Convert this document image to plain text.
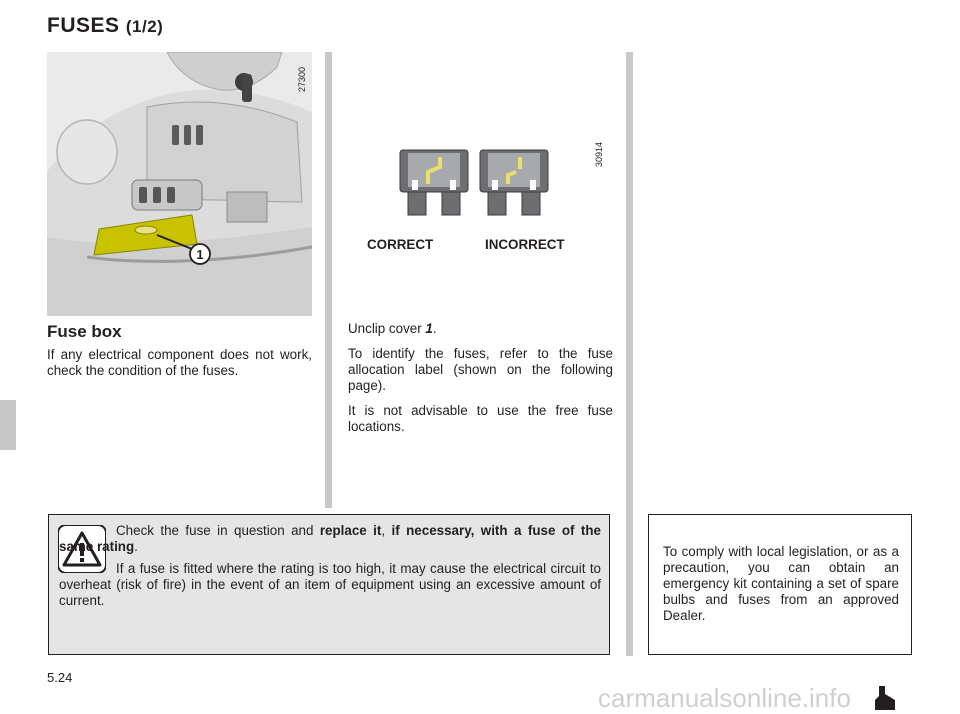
FUSES (1/2)
1
27300
Fuse box
If any electrical component does not work, check the condition of the fuses.
30914
CORRECT	INCORRECT

Unclip cover 1.

To identify the fuses, refer to the fuse allocation label (shown on the following page).

It is not advisable to use the free fuse locations.

Check the fuse in question and replace it, if necessary, with a fuse of the same rating.

If a fuse is fitted where the rating is too high, it may cause the electrical circuit to overheat (risk of fire) in the event of an item of equipment using an excessive amount of current.

To comply with local legislation, or as a precaution, you can obtain an emergency kit containing a set of spare bulbs and fuses from an approved Dealer.
5.24
carmanualsonline.info
